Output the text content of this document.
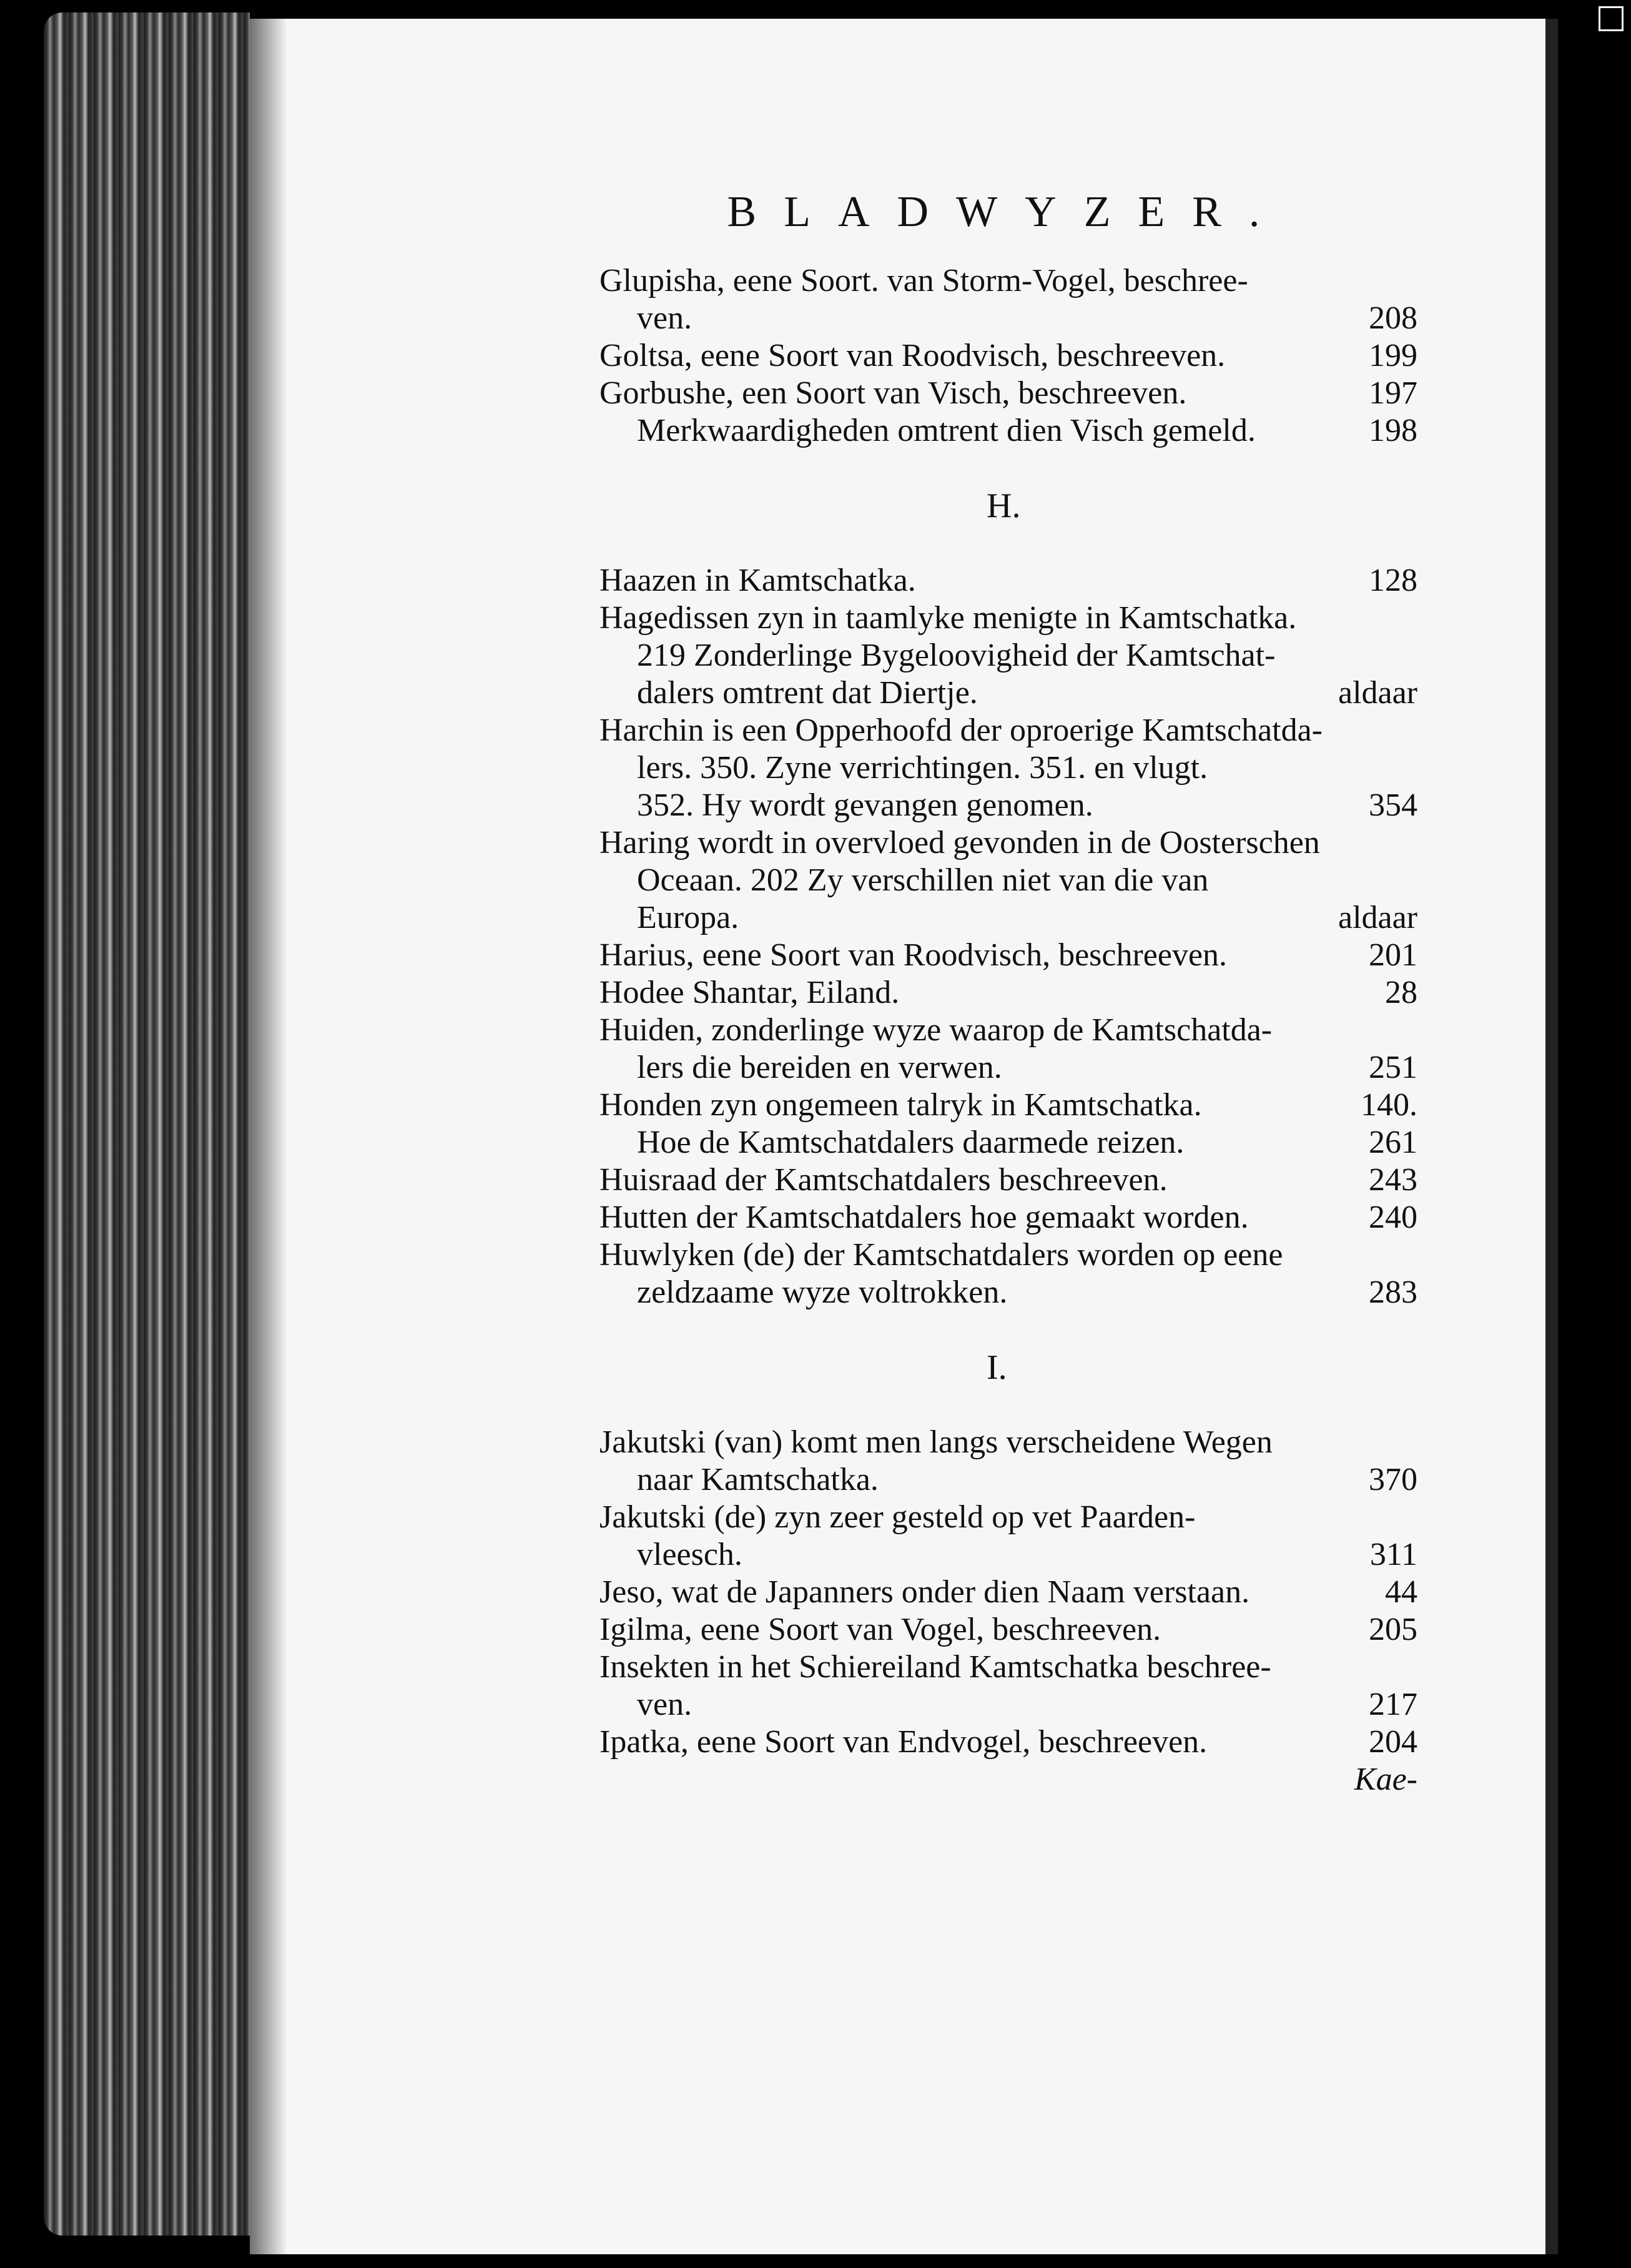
BLADWYZER.
Glupisha, eene Soort. van Storm-Vogel, beschree-
ven.	208
Goltsa, eene Soort van Roodvisch, beschreeven.	199
Gorbushe, een Soort van Visch, beschreeven.	197
Merkwaardigheden omtrent dien Visch gemeld.	198
H.
Haazen in Kamtschatka.	128
Hagedissen zyn in taamlyke menigte in Kamtschatka.
219 Zonderlinge Bygeloovigheid der Kamtschat-
dalers omtrent dat Diertje.	aldaar
Harchin is een Opperhoofd der oproerige Kamtschatda-
lers. 350. Zyne verrichtingen. 351. en vlugt.
352. Hy wordt gevangen genomen.	354
Haring wordt in overvloed gevonden in de Oosterschen
Oceaan. 202 Zy verschillen niet van die van
Europa.	aldaar
Harius, eene Soort van Roodvisch, beschreeven.	201
Hodee Shantar, Eiland.	28
Huiden, zonderlinge wyze waarop de Kamtschatda-
lers die bereiden en verwen.	251
Honden zyn ongemeen talryk in Kamtschatka.	140.
Hoe de Kamtschatdalers daarmede reizen.	261
Huisraad der Kamtschatdalers beschreeven.	243
Hutten der Kamtschatdalers hoe gemaakt worden.	240
Huwlyken (de) der Kamtschatdalers worden op eene
zeldzaame wyze voltrokken.	283
I.
Jakutski (van) komt men langs verscheidene Wegen
naar Kamtschatka.	370
Jakutski (de) zyn zeer gesteld op vet Paarden-
vleesch.	311
Jeso, wat de Japanners onder dien Naam verstaan.	44
Igilma, eene Soort van Vogel, beschreeven.	205
Insekten in het Schiereiland Kamtschatka beschree-
ven.	217
Ipatka, eene Soort van Endvogel, beschreeven.	204
Kae-
